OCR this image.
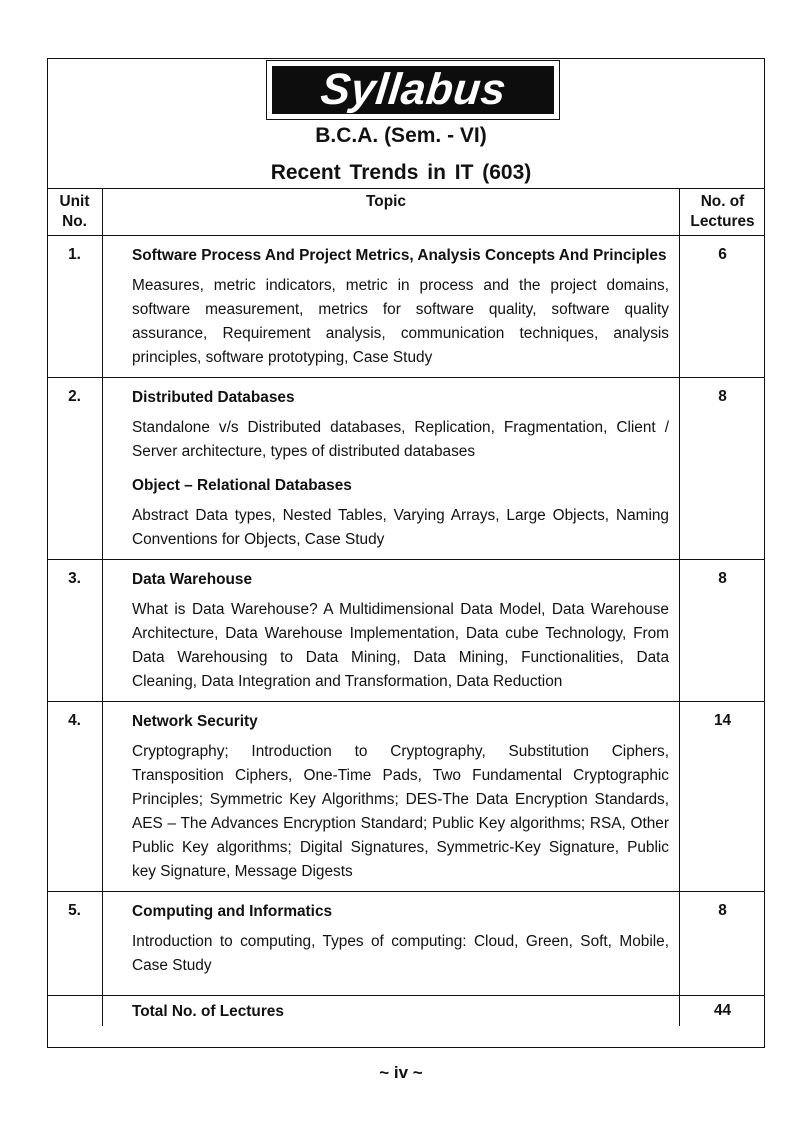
Syllabus
B.C.A. (Sem. - VI)
Recent Trends in IT (603)
Unit
No.	Topic	No. of
Lectures
1.	Software Process And Project Metrics, Analysis Concepts And Principles
Measures, metric indicators, metric in process and the project domains, software measurement, metrics for software quality, software quality assurance, Requirement analysis, communication techniques, analysis principles, software prototyping, Case Study	6
2.	Distributed Databases
Standalone v/s Distributed databases, Replication, Fragmentation, Client / Server architecture, types of distributed databases
Object – Relational Databases
Abstract Data types, Nested Tables, Varying Arrays, Large Objects, Naming Conventions for Objects, Case Study	8
3.	Data Warehouse
What is Data Warehouse? A Multidimensional Data Model, Data Warehouse Architecture, Data Warehouse Implementation, Data cube Technology, From Data Warehousing to Data Mining, Data Mining, Functionalities, Data Cleaning, Data Integration and Transformation, Data Reduction	8
4.	Network Security
Cryptography; Introduction to Cryptography, Substitution Ciphers, Transposition Ciphers, One-Time Pads, Two Fundamental Cryptographic Principles; Symmetric Key Algorithms; DES-The Data Encryption Standards, AES – The Advances Encryption Standard; Public Key algorithms; RSA, Other Public Key algorithms; Digital Signatures, Symmetric-Key Signature, Public key Signature, Message Digests	14
5.	Computing and Informatics
Introduction to computing, Types of computing: Cloud, Green, Soft, Mobile, Case Study	8

	Total No. of Lectures	44
~ iv ~
